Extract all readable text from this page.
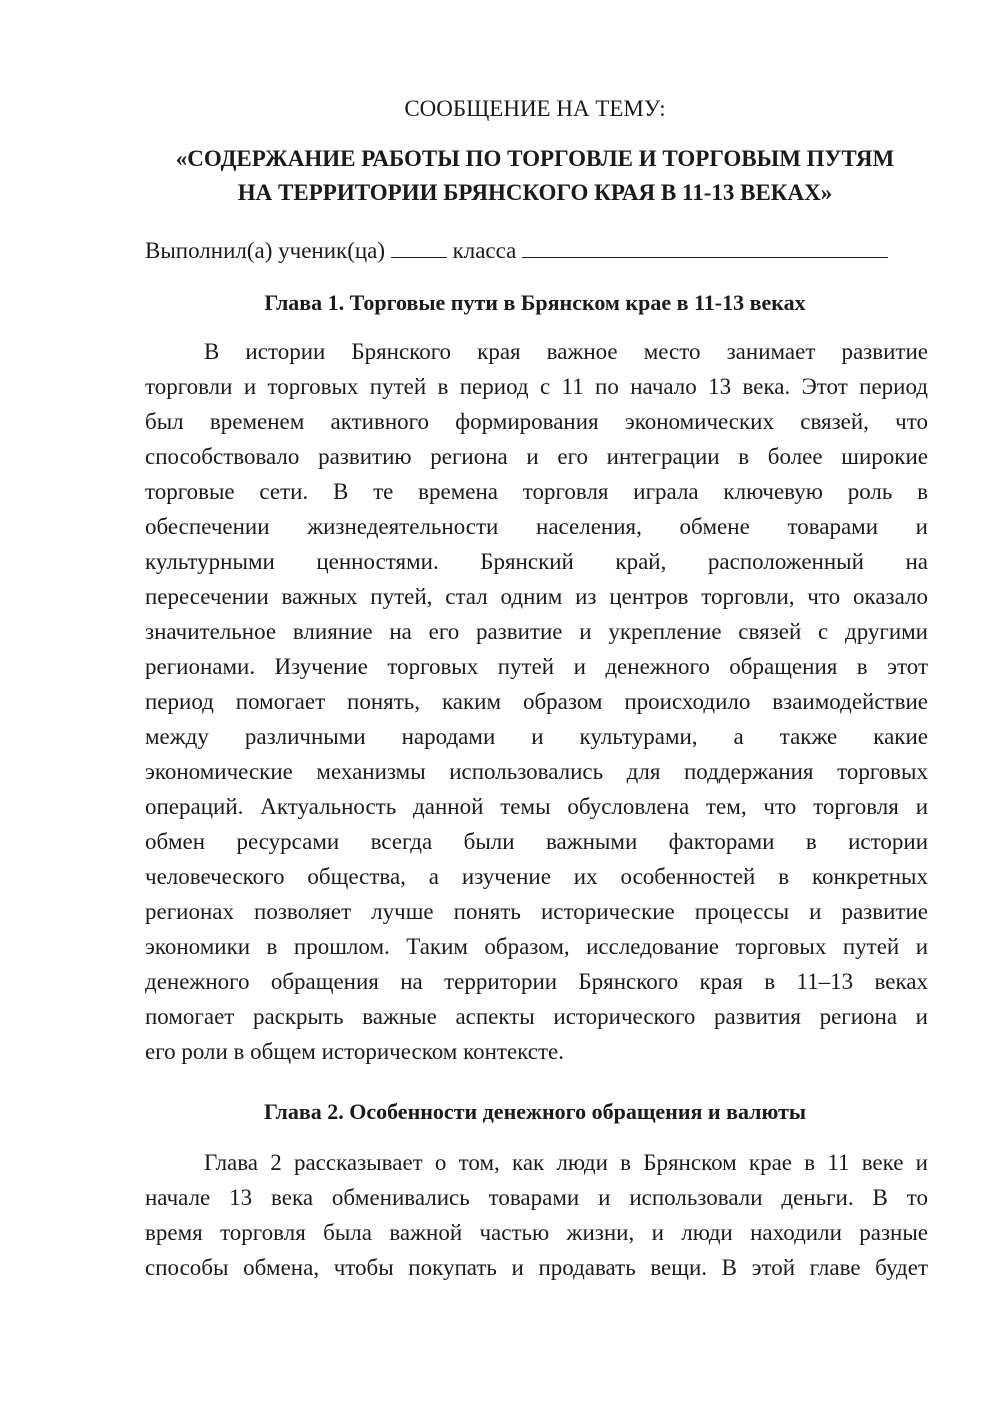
СООБЩЕНИЕ НА ТЕМУ:
«СОДЕРЖАНИЕ РАБОТЫ ПО ТОРГОВЛЕ И ТОРГОВЫМ ПУТЯМ
НА ТЕРРИТОРИИ БРЯНСКОГО КРАЯ В 11-13 ВЕКАХ»
Выполнил(а) ученик(ца)	класса
Глава 1. Торговые пути в Брянском крае в 11-13 веках
В истории Брянского края важное место занимает развитие
торговли и торговых путей в период с 11 по начало 13 века. Этот период
был временем активного формирования экономических связей, что
способствовало развитию региона и его интеграции в более широкие
торговые сети. В те времена торговля играла ключевую роль в
обеспечении жизнедеятельности населения, обмене товарами и
культурными ценностями. Брянский край, расположенный на
пересечении важных путей, стал одним из центров торговли, что оказало
значительное влияние на его развитие и укрепление связей с другими
регионами. Изучение торговых путей и денежного обращения в этот
период помогает понять, каким образом происходило взаимодействие
между различными народами и культурами, а также какие
экономические механизмы использовались для поддержания торговых
операций. Актуальность данной темы обусловлена тем, что торговля и
обмен ресурсами всегда были важными факторами в истории
человеческого общества, а изучение их особенностей в конкретных
регионах позволяет лучше понять исторические процессы и развитие
экономики в прошлом. Таким образом, исследование торговых путей и
денежного обращения на территории Брянского края в 11–13 веках
помогает раскрыть важные аспекты исторического развития региона и
его роли в общем историческом контексте.
Глава 2. Особенности денежного обращения и валюты
Глава 2 рассказывает о том, как люди в Брянском крае в 11 веке и
начале 13 века обменивались товарами и использовали деньги. В то
время торговля была важной частью жизни, и люди находили разные
способы обмена, чтобы покупать и продавать вещи. В этой главе будет
